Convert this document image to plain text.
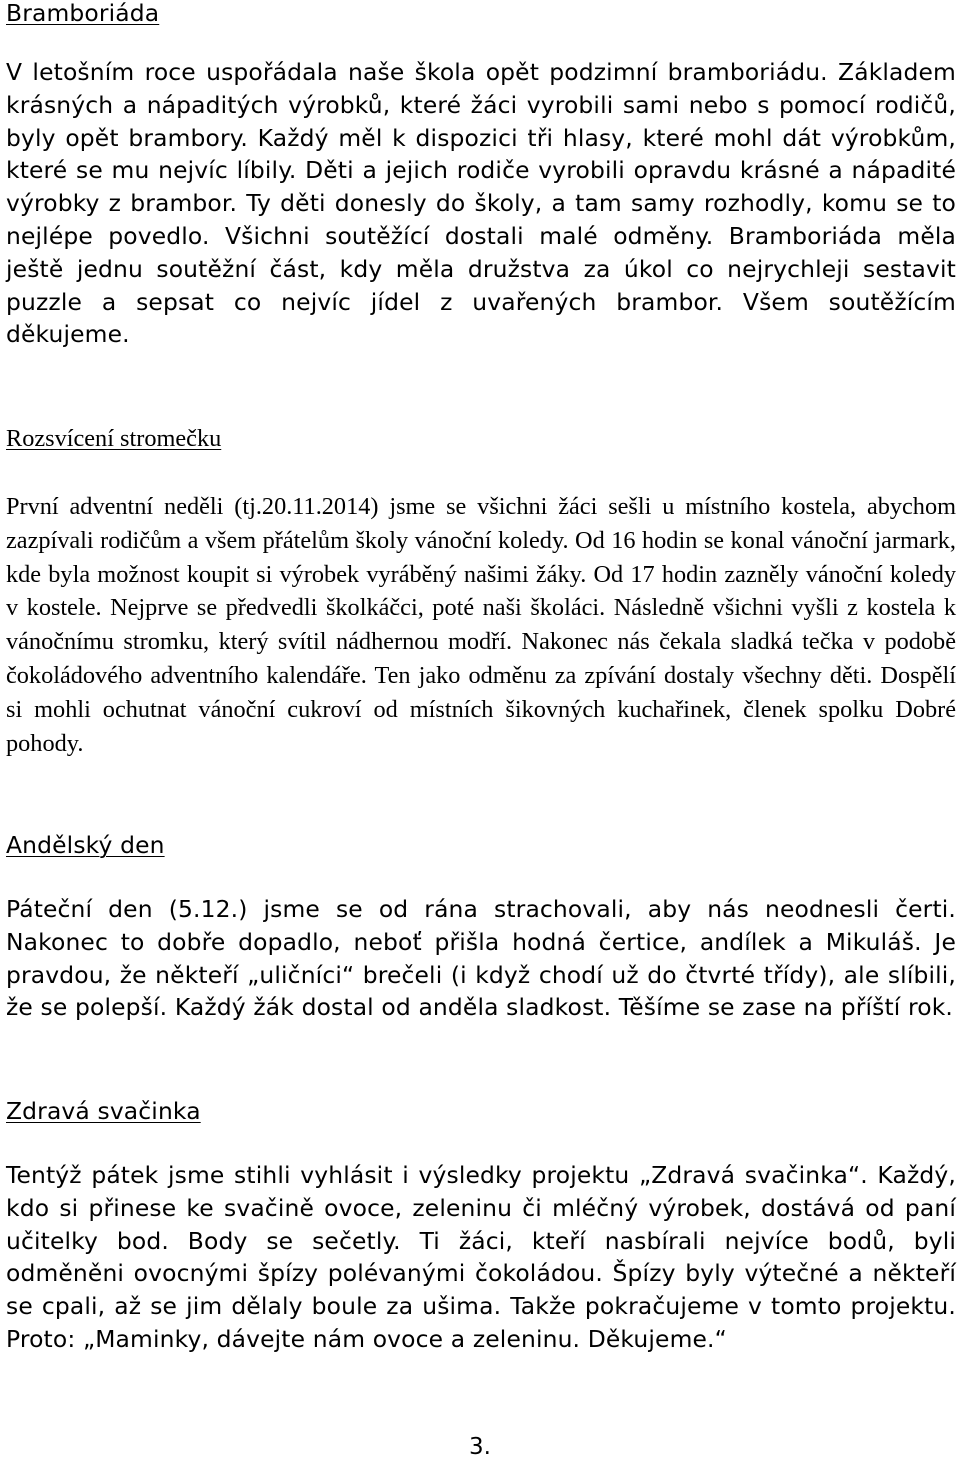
Bramboriáda

V letošním roce uspořádala naše škola opět podzimní bramboriádu. Základem krásných a nápaditých výrobků, které žáci vyrobili sami nebo s pomocí rodičů, byly opět brambory. Každý měl k dispozici tři hlasy, které mohl dát výrobkům, které se mu nejvíc líbily. Děti a jejich rodiče vyrobili opravdu krásné a nápadité výrobky z brambor. Ty děti donesly do školy, a tam samy rozhodly, komu se to nejlépe povedlo. Všichni soutěžící dostali malé odměny. Bramboriáda měla ještě jednu soutěžní část, kdy měla družstva za úkol co nejrychleji sestavit puzzle a sepsat co nejvíc jídel z uvařených brambor. Všem soutěžícím děkujeme.

Rozsvícení stromečku

První adventní neděli (tj.20.11.2014) jsme se všichni žáci sešli u místního kostela, abychom zazpívali rodičům a všem přátelům školy vánoční koledy. Od 16 hodin se konal vánoční jarmark, kde byla možnost koupit si výrobek vyráběný našimi žáky. Od 17 hodin zazněly vánoční koledy v kostele. Nejprve se předvedli školkáčci, poté naši školáci. Následně všichni vyšli z kostela k vánočnímu stromku, který svítil nádhernou modří. Nakonec nás čekala sladká tečka v podobě čokoládového adventního kalendáře. Ten jako odměnu za zpívání dostaly všechny děti. Dospělí si mohli ochutnat vánoční cukroví od místních šikovných kuchařinek, členek spolku Dobré pohody.

Andělský den

Páteční den (5.12.) jsme se od rána strachovali, aby nás neodnesli čerti. Nakonec to dobře dopadlo, neboť přišla hodná čertice, andílek a Mikuláš. Je pravdou, že někteří „uličníci“ brečeli (i když chodí už do čtvrté třídy), ale slíbili, že se polepší. Každý žák dostal od anděla sladkost. Těšíme se zase na příští rok.

Zdravá svačinka

Tentýž pátek jsme stihli vyhlásit i výsledky projektu „Zdravá svačinka“. Každý, kdo si přinese ke svačině ovoce, zeleninu či mléčný výrobek, dostává od paní učitelky bod. Body se sečetly. Ti žáci, kteří nasbírali nejvíce bodů, byli odměněni ovocnými špízy polévanými čokoládou. Špízy byly výtečné a někteří se cpali, až se jim dělaly boule za ušima. Takže pokračujeme v tomto projektu. Proto: „Maminky, dávejte nám ovoce a zeleninu. Děkujeme.“

3.
